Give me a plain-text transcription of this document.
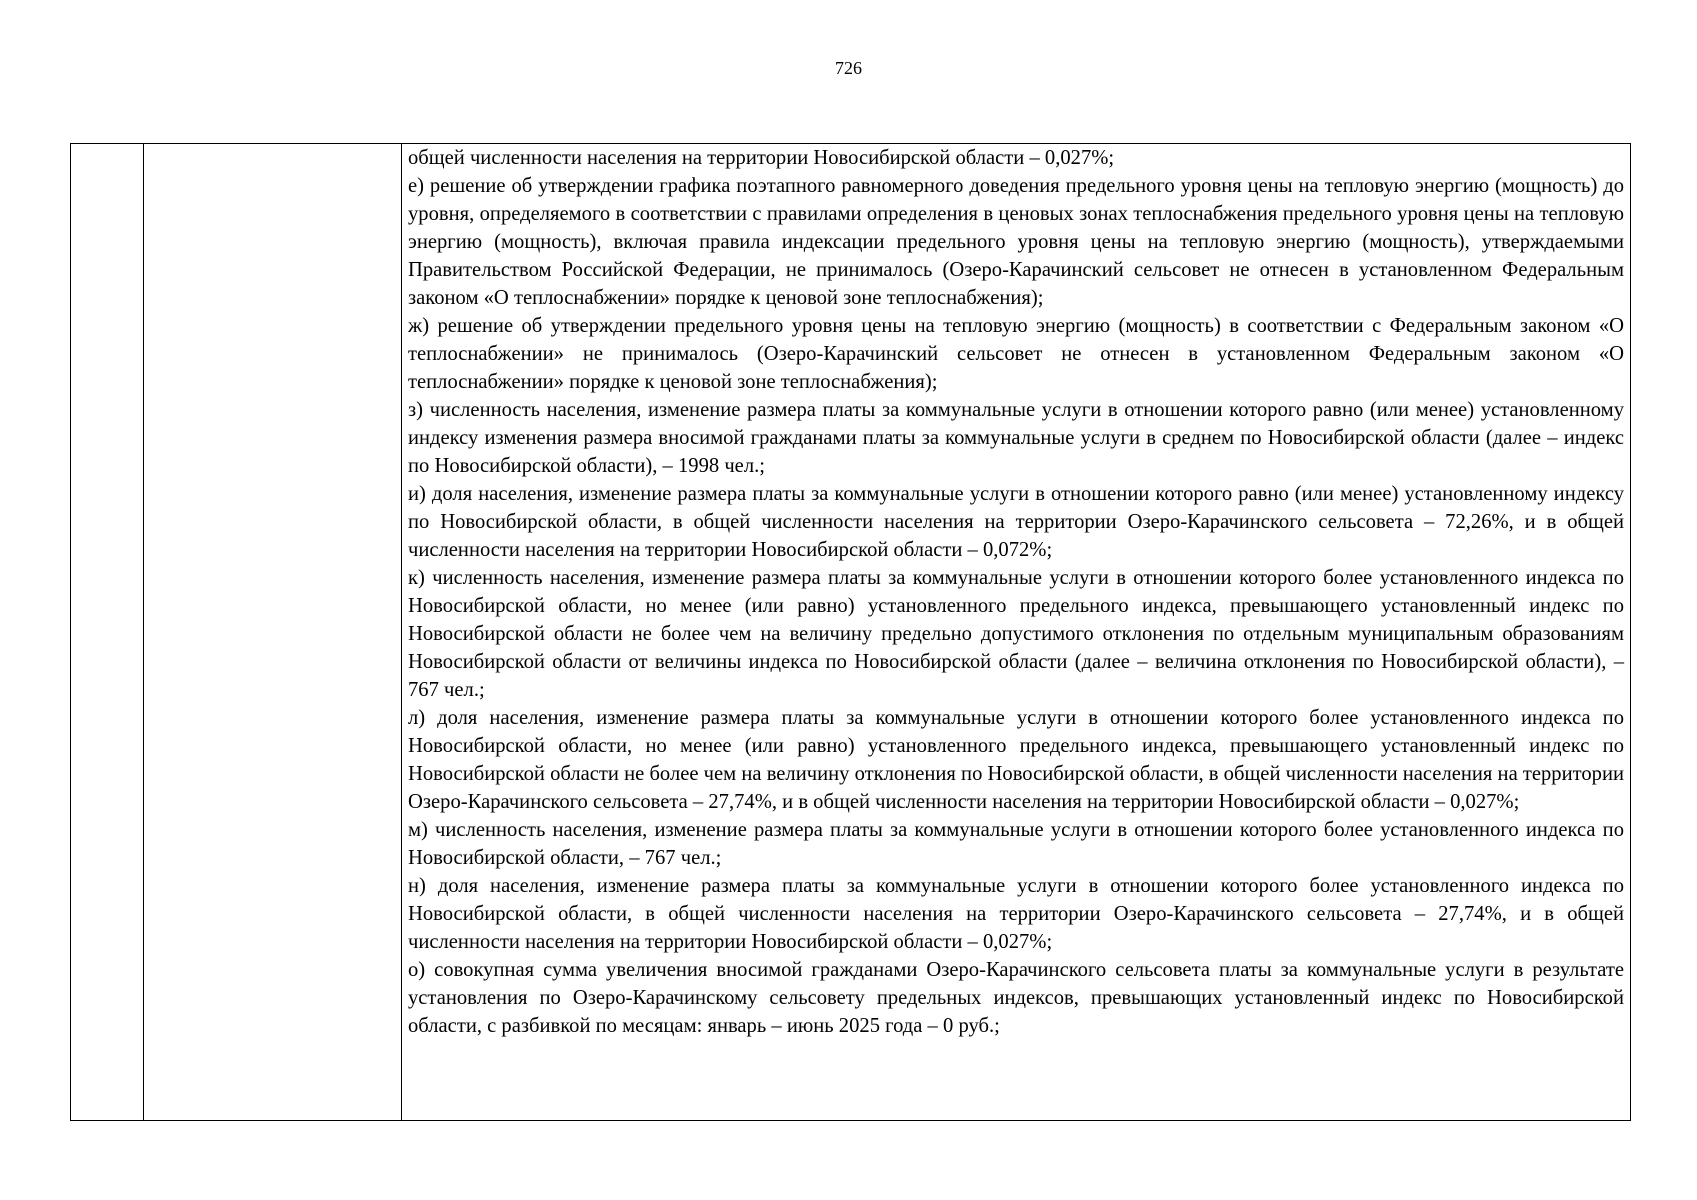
726

общей численности населения на территории Новосибирской области – 0,027%;

е) решение об утверждении графика поэтапного равномерного доведения предельного уровня цены на тепловую энергию (мощность) до уровня, определяемого в соответствии с правилами определения в ценовых зонах теплоснабжения предельного уровня цены на тепловую энергию (мощность), включая правила индексации предельного уровня цены на тепловую энергию (мощность), утверждаемыми Правительством Российской Федерации, не принималось (Озеро-Карачинский сельсовет не отнесен в установленном Федеральным законом «О теплоснабжении» порядке к ценовой зоне теплоснабжения);

ж) решение об утверждении предельного уровня цены на тепловую энергию (мощность) в соответствии с Федеральным законом «О теплоснабжении» не принималось (Озеро-Карачинский сельсовет не отнесен в установленном Федеральным законом «О теплоснабжении» порядке к ценовой зоне теплоснабжения);

з) численность населения, изменение размера платы за коммунальные услуги в отношении которого равно (или менее) установленному индексу изменения размера вносимой гражданами платы за коммунальные услуги в среднем по Новосибирской области (далее – индекс по Новосибирской области), – 1998 чел.;

и) доля населения, изменение размера платы за коммунальные услуги в отношении которого равно (или менее) установленному индексу по Новосибирской области, в общей численности населения на территории Озеро-Карачинского сельсовета – 72,26%, и в общей численности населения на территории Новосибирской области – 0,072%;

к) численность населения, изменение размера платы за коммунальные услуги в отношении которого более установленного индекса по Новосибирской области, но менее (или равно) установленного предельного индекса, превышающего установленный индекс по Новосибирской области не более чем на величину предельно допустимого отклонения по отдельным муниципальным образованиям Новосибирской области от величины индекса по Новосибирской области (далее – величина отклонения по Новосибирской области), – 767 чел.;

л) доля населения, изменение размера платы за коммунальные услуги в отношении которого более установленного индекса по Новосибирской области, но менее (или равно) установленного предельного индекса, превышающего установленный индекс по Новосибирской области не более чем на величину отклонения по Новосибирской области, в общей численности населения на территории Озеро-Карачинского сельсовета – 27,74%, и в общей численности населения на территории Новосибирской области – 0,027%;

м) численность населения, изменение размера платы за коммунальные услуги в отношении которого более установленного индекса по Новосибирской области, – 767 чел.;

н) доля населения, изменение размера платы за коммунальные услуги в отношении которого более установленного индекса по Новосибирской области, в общей численности населения на территории Озеро-Карачинского сельсовета – 27,74%, и в общей численности населения на территории Новосибирской области – 0,027%;

о) совокупная сумма увеличения вносимой гражданами Озеро-Карачинского сельсовета платы за коммунальные услуги в результате установления по Озеро-Карачинскому сельсовету предельных индексов, превышающих установленный индекс по Новосибирской области, с разбивкой по месяцам: январь – июнь 2025 года – 0 руб.;
